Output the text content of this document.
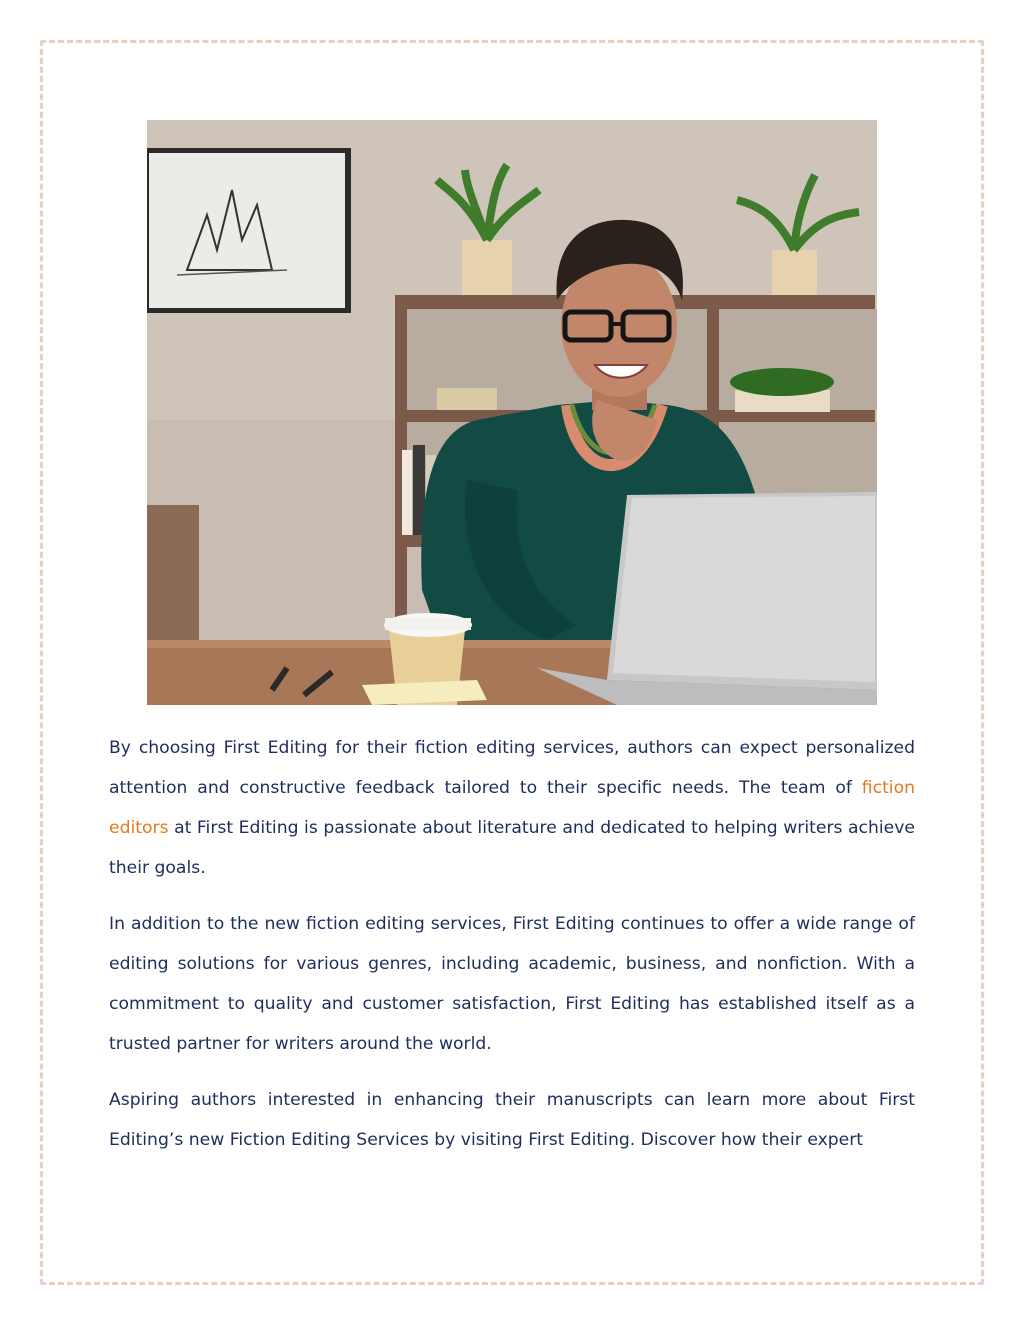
By choosing First Editing for their fiction editing services, authors can expect personalized attention and constructive feedback tailored to their specific needs. The team of fiction editors at First Editing is passionate about literature and dedicated to helping writers achieve their goals.

In addition to the new fiction editing services, First Editing continues to offer a wide range of editing solutions for various genres, including academic, business, and nonfiction. With a commitment to quality and customer satisfaction, First Editing has established itself as a trusted partner for writers around the world.

Aspiring authors interested in enhancing their manuscripts can learn more about First Editing’s new Fiction Editing Services by visiting First Editing. Discover how their expert
